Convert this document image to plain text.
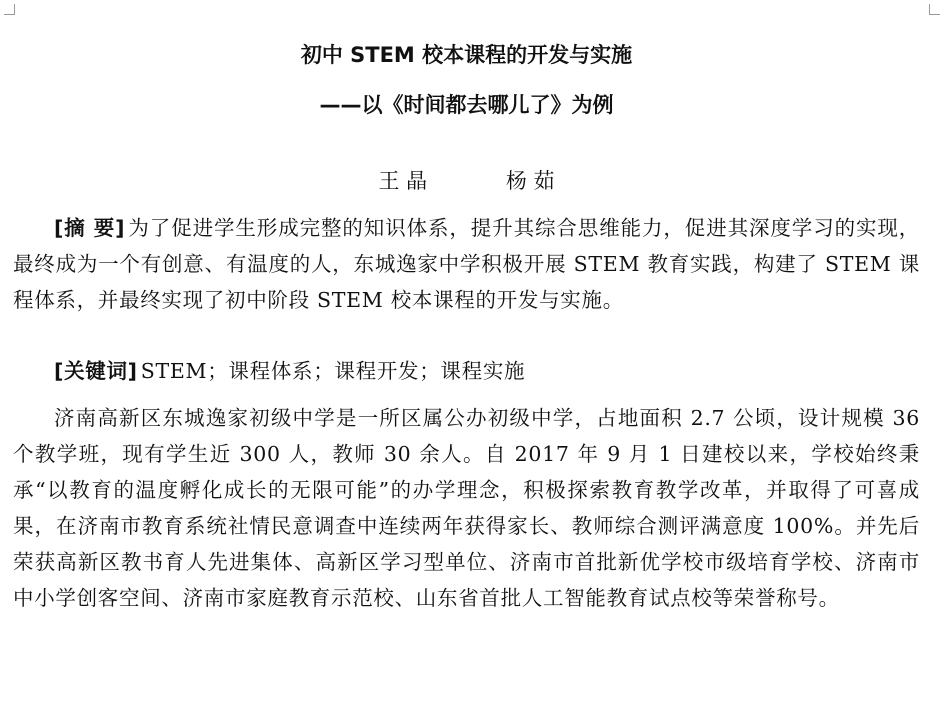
初中 STEM 校本课程的开发与实施
——以《时间都去哪儿了》为例
王 晶	杨 茹

[摘 要] 为了促进学生形成完整的知识体系，提升其综合思维能力，促进其深度学习的实现，最终成为一个有创意、有温度的人，东城逸家中学积极开展 STEM 教育实践，构建了 STEM 课程体系，并最终实现了初中阶段 STEM 校本课程的开发与实施。

[关键词] STEM；课程体系；课程开发；课程实施

济南高新区东城逸家初级中学是一所区属公办初级中学，占地面积 2.7 公顷，设计规模 36 个教学班，现有学生近 300 人，教师 30 余人。自 2017 年 9 月 1 日建校以来，学校始终秉承“以教育的温度孵化成长的无限可能”的办学理念，积极探索教育教学改革，并取得了可喜成果，在济南市教育系统社情民意调查中连续两年获得家长、教师综合测评满意度 100%。并先后荣获高新区教书育人先进集体、高新区学习型单位、济南市首批新优学校市级培育学校、济南市中小学创客空间、济南市家庭教育示范校、山东省首批人工智能教育试点校等荣誉称号。
